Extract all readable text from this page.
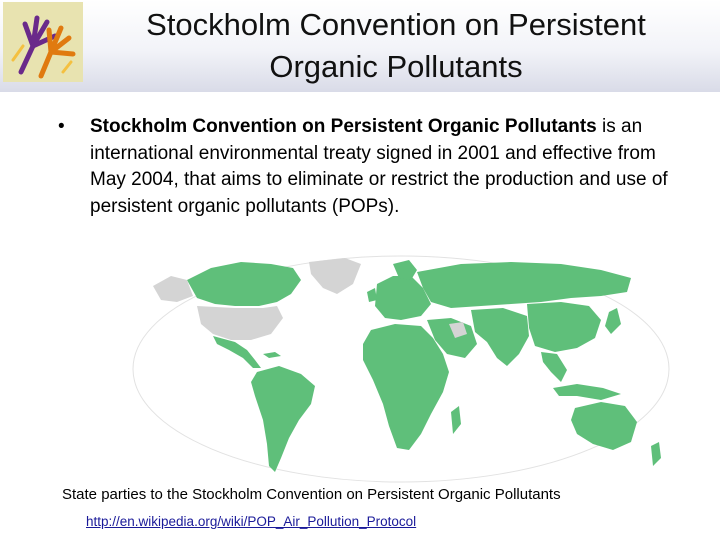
Stockholm Convention on Persistent
Organic Pollutants
• Stockholm Convention on Persistent Organic Pollutants is an international environmental treaty signed in 2001 and effective from May 2004, that aims to eliminate or restrict the production and use of persistent organic pollutants (POPs).
State parties to the Stockholm Convention on Persistent Organic Pollutants
http://en.wikipedia.org/wiki/POP_Air_Pollution_Protocol
